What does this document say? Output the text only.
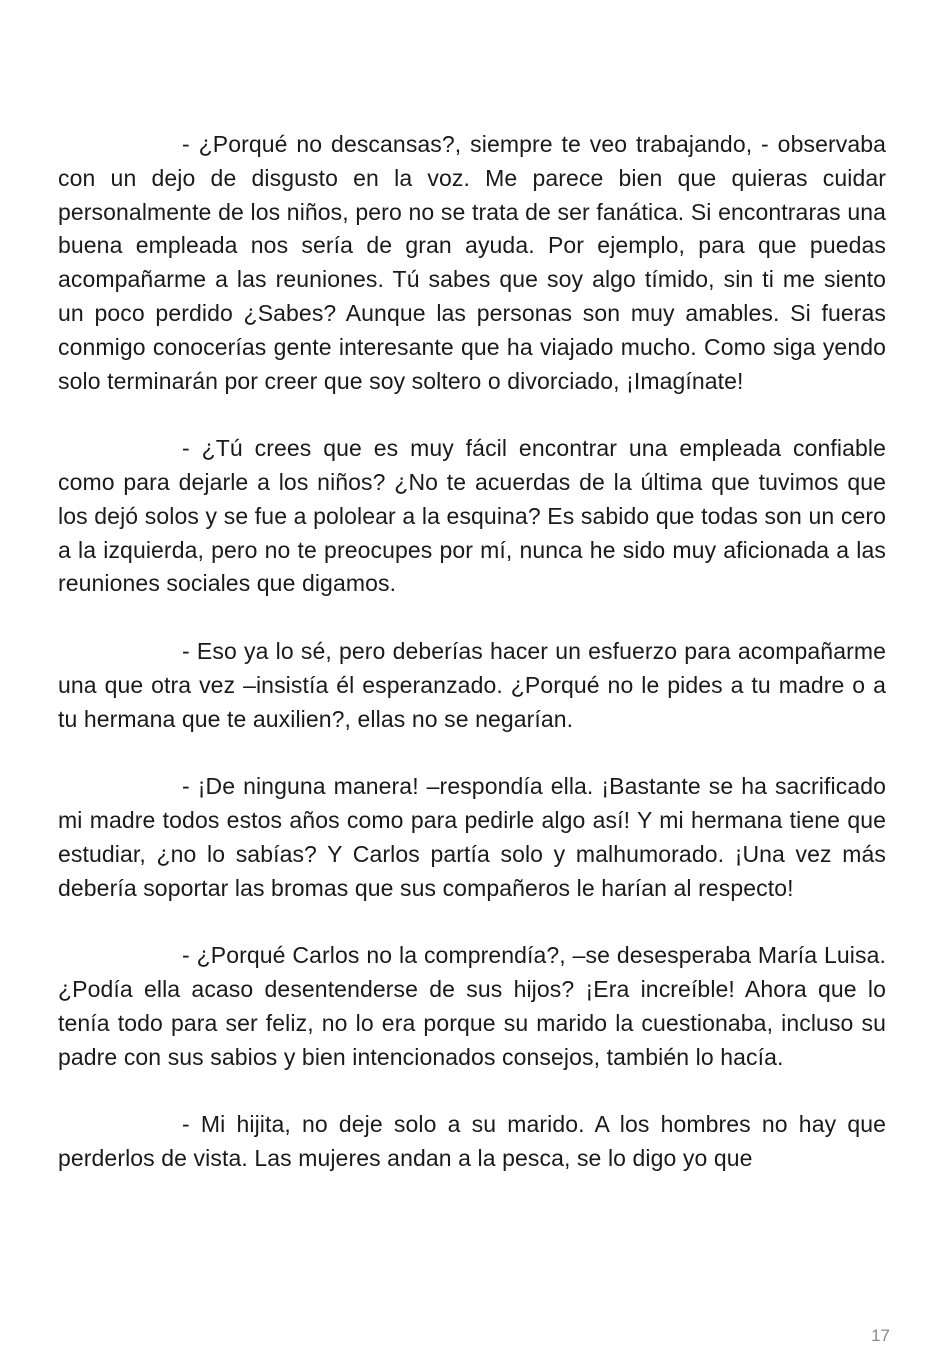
- ¿Porqué no descansas?, siempre te veo trabajando, - observaba con un dejo de disgusto en la voz. Me parece bien que quieras cuidar personalmente de los niños, pero no se trata de ser fanática. Si encontraras una buena empleada nos sería de gran ayuda. Por ejemplo, para que puedas acompañarme a las reuniones. Tú sabes que soy algo tímido, sin ti me siento un poco perdido ¿Sabes? Aunque las personas son muy amables. Si fueras conmigo conocerías gente interesante que ha viajado mucho. Como siga yendo solo terminarán por creer que soy soltero o divorciado, ¡Imagínate!

- ¿Tú crees que es muy fácil encontrar una empleada confiable como para dejarle a los niños? ¿No te acuerdas de la última que tuvimos que los dejó solos y se fue a pololear a la esquina? Es sabido que todas son un cero a la izquierda, pero no te preocupes por mí, nunca he sido muy aficionada a las reuniones sociales que digamos.

- Eso ya lo sé, pero deberías hacer un esfuerzo para acompañarme una que otra vez –insistía él esperanzado. ¿Porqué no le pides a tu madre o a tu hermana que te auxilien?, ellas no se negarían.

- ¡De ninguna manera! –respondía ella. ¡Bastante se ha sacrificado mi madre todos estos años como para pedirle algo así! Y mi hermana tiene que estudiar, ¿no lo sabías? Y Carlos partía solo y malhumorado. ¡Una vez más debería soportar las bromas que sus compañeros le harían al respecto!

- ¿Porqué Carlos no la comprendía?, –se desesperaba María Luisa. ¿Podía ella acaso desentenderse de sus hijos? ¡Era increíble! Ahora que lo tenía todo para ser feliz, no lo era porque su marido la cuestionaba, incluso su padre con sus sabios y bien intencionados consejos, también lo hacía.

- Mi hijita, no deje solo a su marido. A los hombres no hay que perderlos de vista. Las mujeres andan a la pesca, se lo digo yo que

17
